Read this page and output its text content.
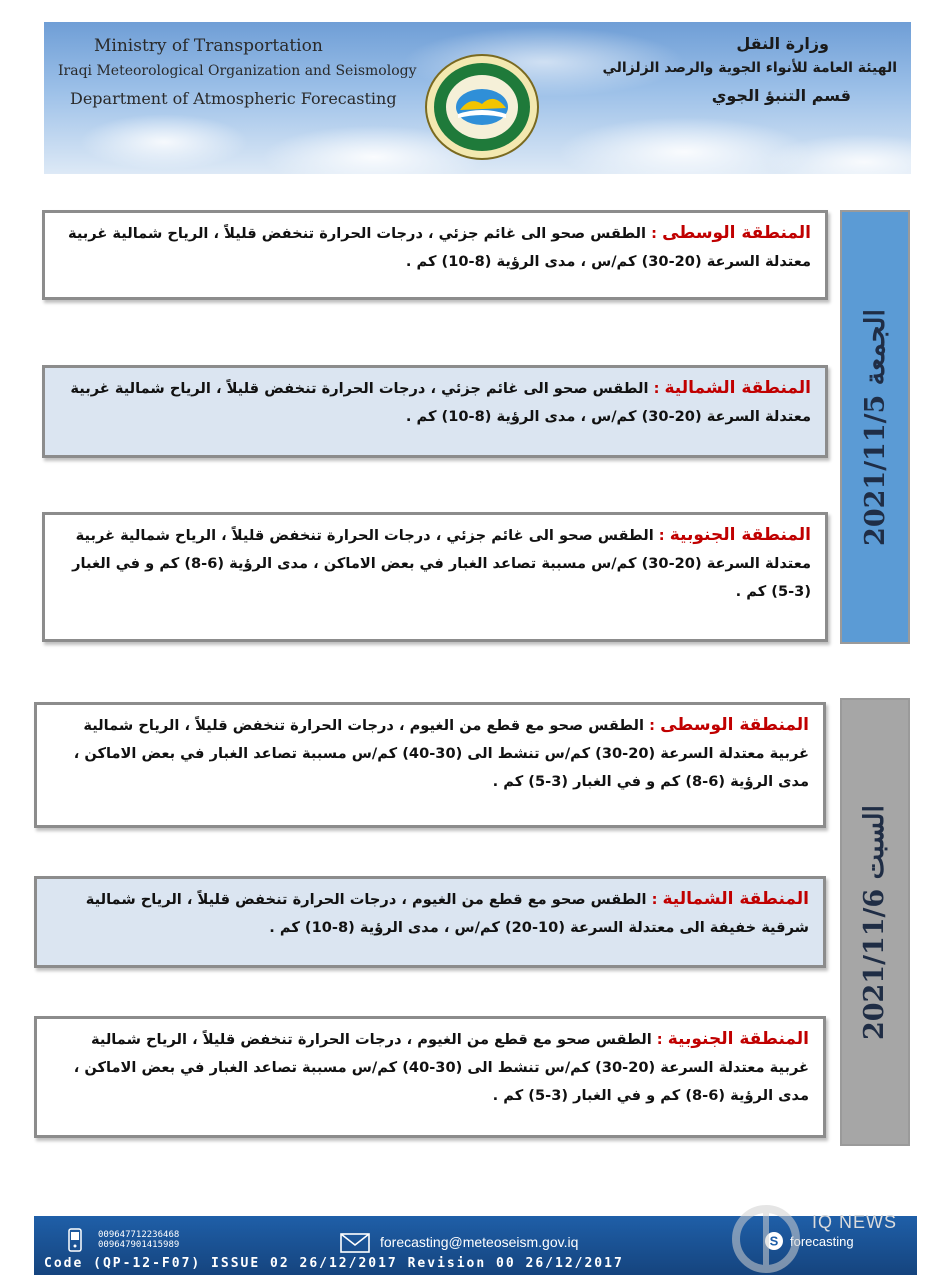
Ministry of Transportation
Iraqi Meteorological Organization and Seismology
Department of Atmospheric Forecasting
وزارة النقل
الهيئة العامة للأنواء الجوية والرصد الزلزالي
قسم التنبؤ الجوي
الجمعة 2021/11/5
المنطقة الوسطى : الطقس صحو الى غائم جزئي ، درجات الحرارة تنخفض قليلاً ، الرياح شمالية غربية معتدلة السرعة (20-30) كم/س ، مدى الرؤية (8-10) كم .
المنطقة الشمالية : الطقس صحو الى غائم جزئي ، درجات الحرارة تنخفض قليلاً ، الرياح شمالية غربية معتدلة السرعة (20-30) كم/س ، مدى الرؤية (8-10) كم .
المنطقة الجنوبية : الطقس صحو الى غائم جزئي ، درجات الحرارة تنخفض قليلاً ، الرياح شمالية غربية معتدلة السرعة (20-30) كم/س مسببة تصاعد الغبار في بعض الاماكن ، مدى الرؤية (6-8) كم و في الغبار (3-5) كم .
السبت 2021/11/6
المنطقة الوسطى : الطقس صحو مع قطع من الغيوم ، درجات الحرارة تنخفض قليلاً ، الرياح شمالية غربية معتدلة السرعة (20-30) كم/س تنشط الى (30-40) كم/س مسببة تصاعد الغبار في بعض الاماكن ، مدى الرؤية (6-8) كم و في الغبار (3-5) كم .
المنطقة الشمالية : الطقس صحو مع قطع من الغيوم ، درجات الحرارة تنخفض قليلاً ، الرياح شمالية شرقية خفيفة الى معتدلة السرعة (10-20) كم/س ، مدى الرؤية (8-10) كم .
المنطقة الجنوبية : الطقس صحو مع قطع من الغيوم ، درجات الحرارة تنخفض قليلاً ، الرياح شمالية غربية معتدلة السرعة (20-30) كم/س تنشط الى (30-40) كم/س مسببة تصاعد الغبار في بعض الاماكن ، مدى الرؤية (6-8) كم و في الغبار (3-5) كم .
009647712236468
009647901415989	forecasting@meteoseism.gov.iq	S forecasting
Code (QP-12-F07) ISSUE 02 26/12/2017 Revision 00 26/12/2017
IQ NEWS
